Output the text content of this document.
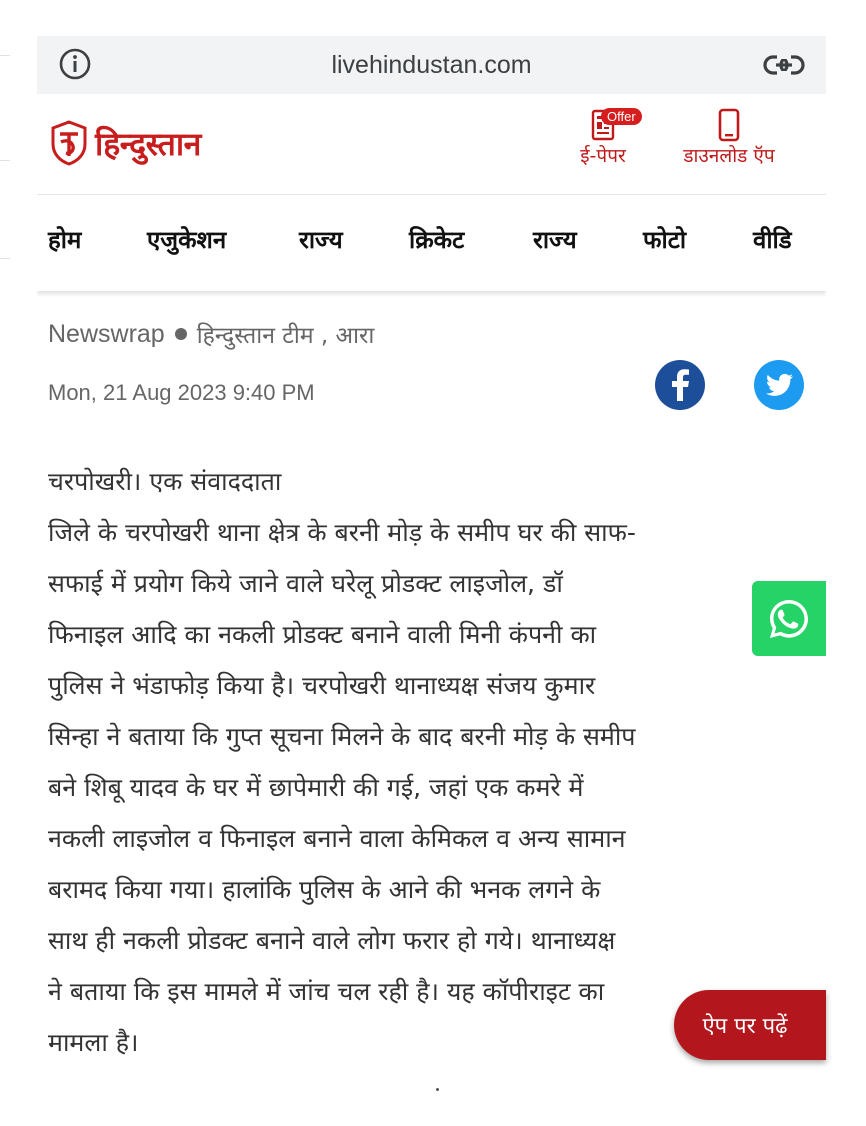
livehindustan.com
हिन्दुस्तान
Offer
ई-पेपर	डाउनलोड ऍप
होम	एजुकेशन	राज्य	क्रिकेट	राज्य	फोटो	वीडि
Newswrap हिन्दुस्तान टीम , आरा
Mon, 21 Aug 2023 9:40 PM
चरपोखरी। एक संवाददाता
जिले के चरपोखरी थाना क्षेत्र के बरनी मोड़ के समीप घर की साफ-
सफाई में प्रयोग किये जाने वाले घरेलू प्रोडक्ट लाइजोल, डॉ
फिनाइल आदि का नकली प्रोडक्ट बनाने वाली मिनी कंपनी का
पुलिस ने भंडाफोड़ किया है। चरपोखरी थानाध्यक्ष संजय कुमार
सिन्हा ने बताया कि गुप्त सूचना मिलने के बाद बरनी मोड़ के समीप
बने शिबू यादव के घर में छापेमारी की गई, जहां एक कमरे में
नकली लाइजोल व फिनाइल बनाने वाला केमिकल व अन्य सामान
बरामद किया गया। हालांकि पुलिस के आने की भनक लगने के
साथ ही नकली प्रोडक्ट बनाने वाले लोग फरार हो गये। थानाध्यक्ष
ने बताया कि इस मामले में जांच चल रही है। यह कॉपीराइट का
मामला है।
ऐप पर पढ़ें
